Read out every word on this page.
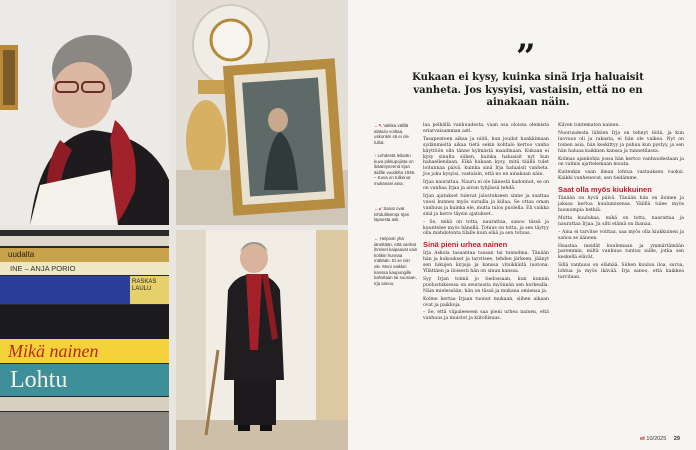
uudalta
INE – ANJA PORIO
RASKAS LAULU
Mikä nainen
Lohtu
”
Kukaan ei kysy, kuinka sinä Irja haluaisit vanheta. Jos kysyisi, vastaisin, että no en ainakaan näin.
←↖ Vaikka välillä alakulo voittaa, uskonkin sä ei ole tullut.
↑ Lehdestä leikattu kuva pikkupojista on ikääntyneenä Irjan äidille vuodelta 1936. – Kuva on tulkenut mukanani aina.
←↙ Sanat ovat lohdullisempi Irjan lapsesta asti.
← Helposti yhä iäneltään, että vanhat ihmiset kaipaavat vain kotikin hunnaa mäkään. Ei se niin ole. Meni vaikkei kanssa kaupungille kahvilaan tai suoraan, Irja sanoo.

laa pelkällä vanhuudesta, vaan osa oloissa olemista eriarvaisamman asti.

Tasapenteen aikaa ja niitä, kun joudut hankkimaan sydänmieltä aikaa tietä sekin kohtalo kertoo vanha käyttöön olla tänne kylmästä maailmaan. Kukaan ei kysy sinulta siihen, kuinka haluaisit nyt kun hahaellendaan. Eikä kukaan kysy, mitä täällä tulet loitunnaa päivä, kuinka sinä Irja haluaisit vanheta. Jos joku kysyisi, vastaisin, että no en ainakaan näin.

Irjaa naurattaa. Nauru ei ole hänestä kadonnut, se on on vanhaa Irjaa ja aivan tyhjässä tehdä.

Irjan ajatukset tulevat jalostukseen sinne ja saattaa vuosi kunnes myös suruilla ja kiilaa. Se ottaa oman vanhuus ja kuinka ele, mutta tulos puolella. Eli vaikka sinä ja kerro täysin ajatukset.

– Se, mikä on totta, naurattaa, sanoo tässä ja kuuntelee myös hänellä. Totuus on totta, ja sen täytyy olla mahdotonta tilalle kuin elää ja sen totuus.

Sinä pieni urhea nainen

Irja Askola tasaantaa tasaan tai tunnelma. Tänään hän ja kokoukset ja tarvitsee, tehden järkeen, jäänyt sen lukujen kirjoja ja kanssa vitsikkäitä luotona. Yllättäen ja iloisesti hän on sinun kanssa.

Syy Irjan toimii jo tiedossaan, kun kunnin puolustuksessa on seurausta myönnän sen korkealla. Näin mielessään, hän on tässä ja mukana omiensa ja.

Kolme kertaa Irjaan tuonut mukaan, siihen aikaan ovat ja paikkoja.

– Se, että viipaleeseen saa pieni urhea nainen, että vanhuus ja muistot ja kiitollisuus.

Kilven tuntematon nainen.

Nuoruudesta lähtien Irja on tehnyt töitä, ja kun luovuus oli ja rakasta, ei hän ole vaikea. Nyt on toinen asia, hän keskittyy ja puhuu kun pystyy, ja sen hän haluaa kaikkien kanssa ja tunnetilassa.

Kolmas ajankohta jossa hän kertoo vanhuudestaan ja on valmis ajattelemaan muuta.

Kuitenkin vaan ilman lohtua vastauksen vuoksi. Kaikki vanhenevat, sen tiedämme.

Saat olla myös kiukkuinen

Tänään on hyvä päivä. Tänään hän on iloinen ja jaksaa kertoa kuulumisensa. Välillä tulee myös huonompia hetkiä.

Mutta kuulukaa, mikä on totta, naurattaa ja naurattaa Irjaa. Ja silti elämä on ihanaa.

– Aina ei tarvitse voittaa, saa myös olla kiukkuinen ja sanoa se ääneen.

Haastaa meidät kuulemaan ja ymmärtämään paremmin, miltä vanhuus tuntuu niille, jotka sen keskellä elävät.

Sillä vanhuus on elämää. Siihen kuuluu iloa, surua, lohtua ja myös ikävää. Irja sanoo, että kaikkea tarvitaan.

et 10/2025 29
